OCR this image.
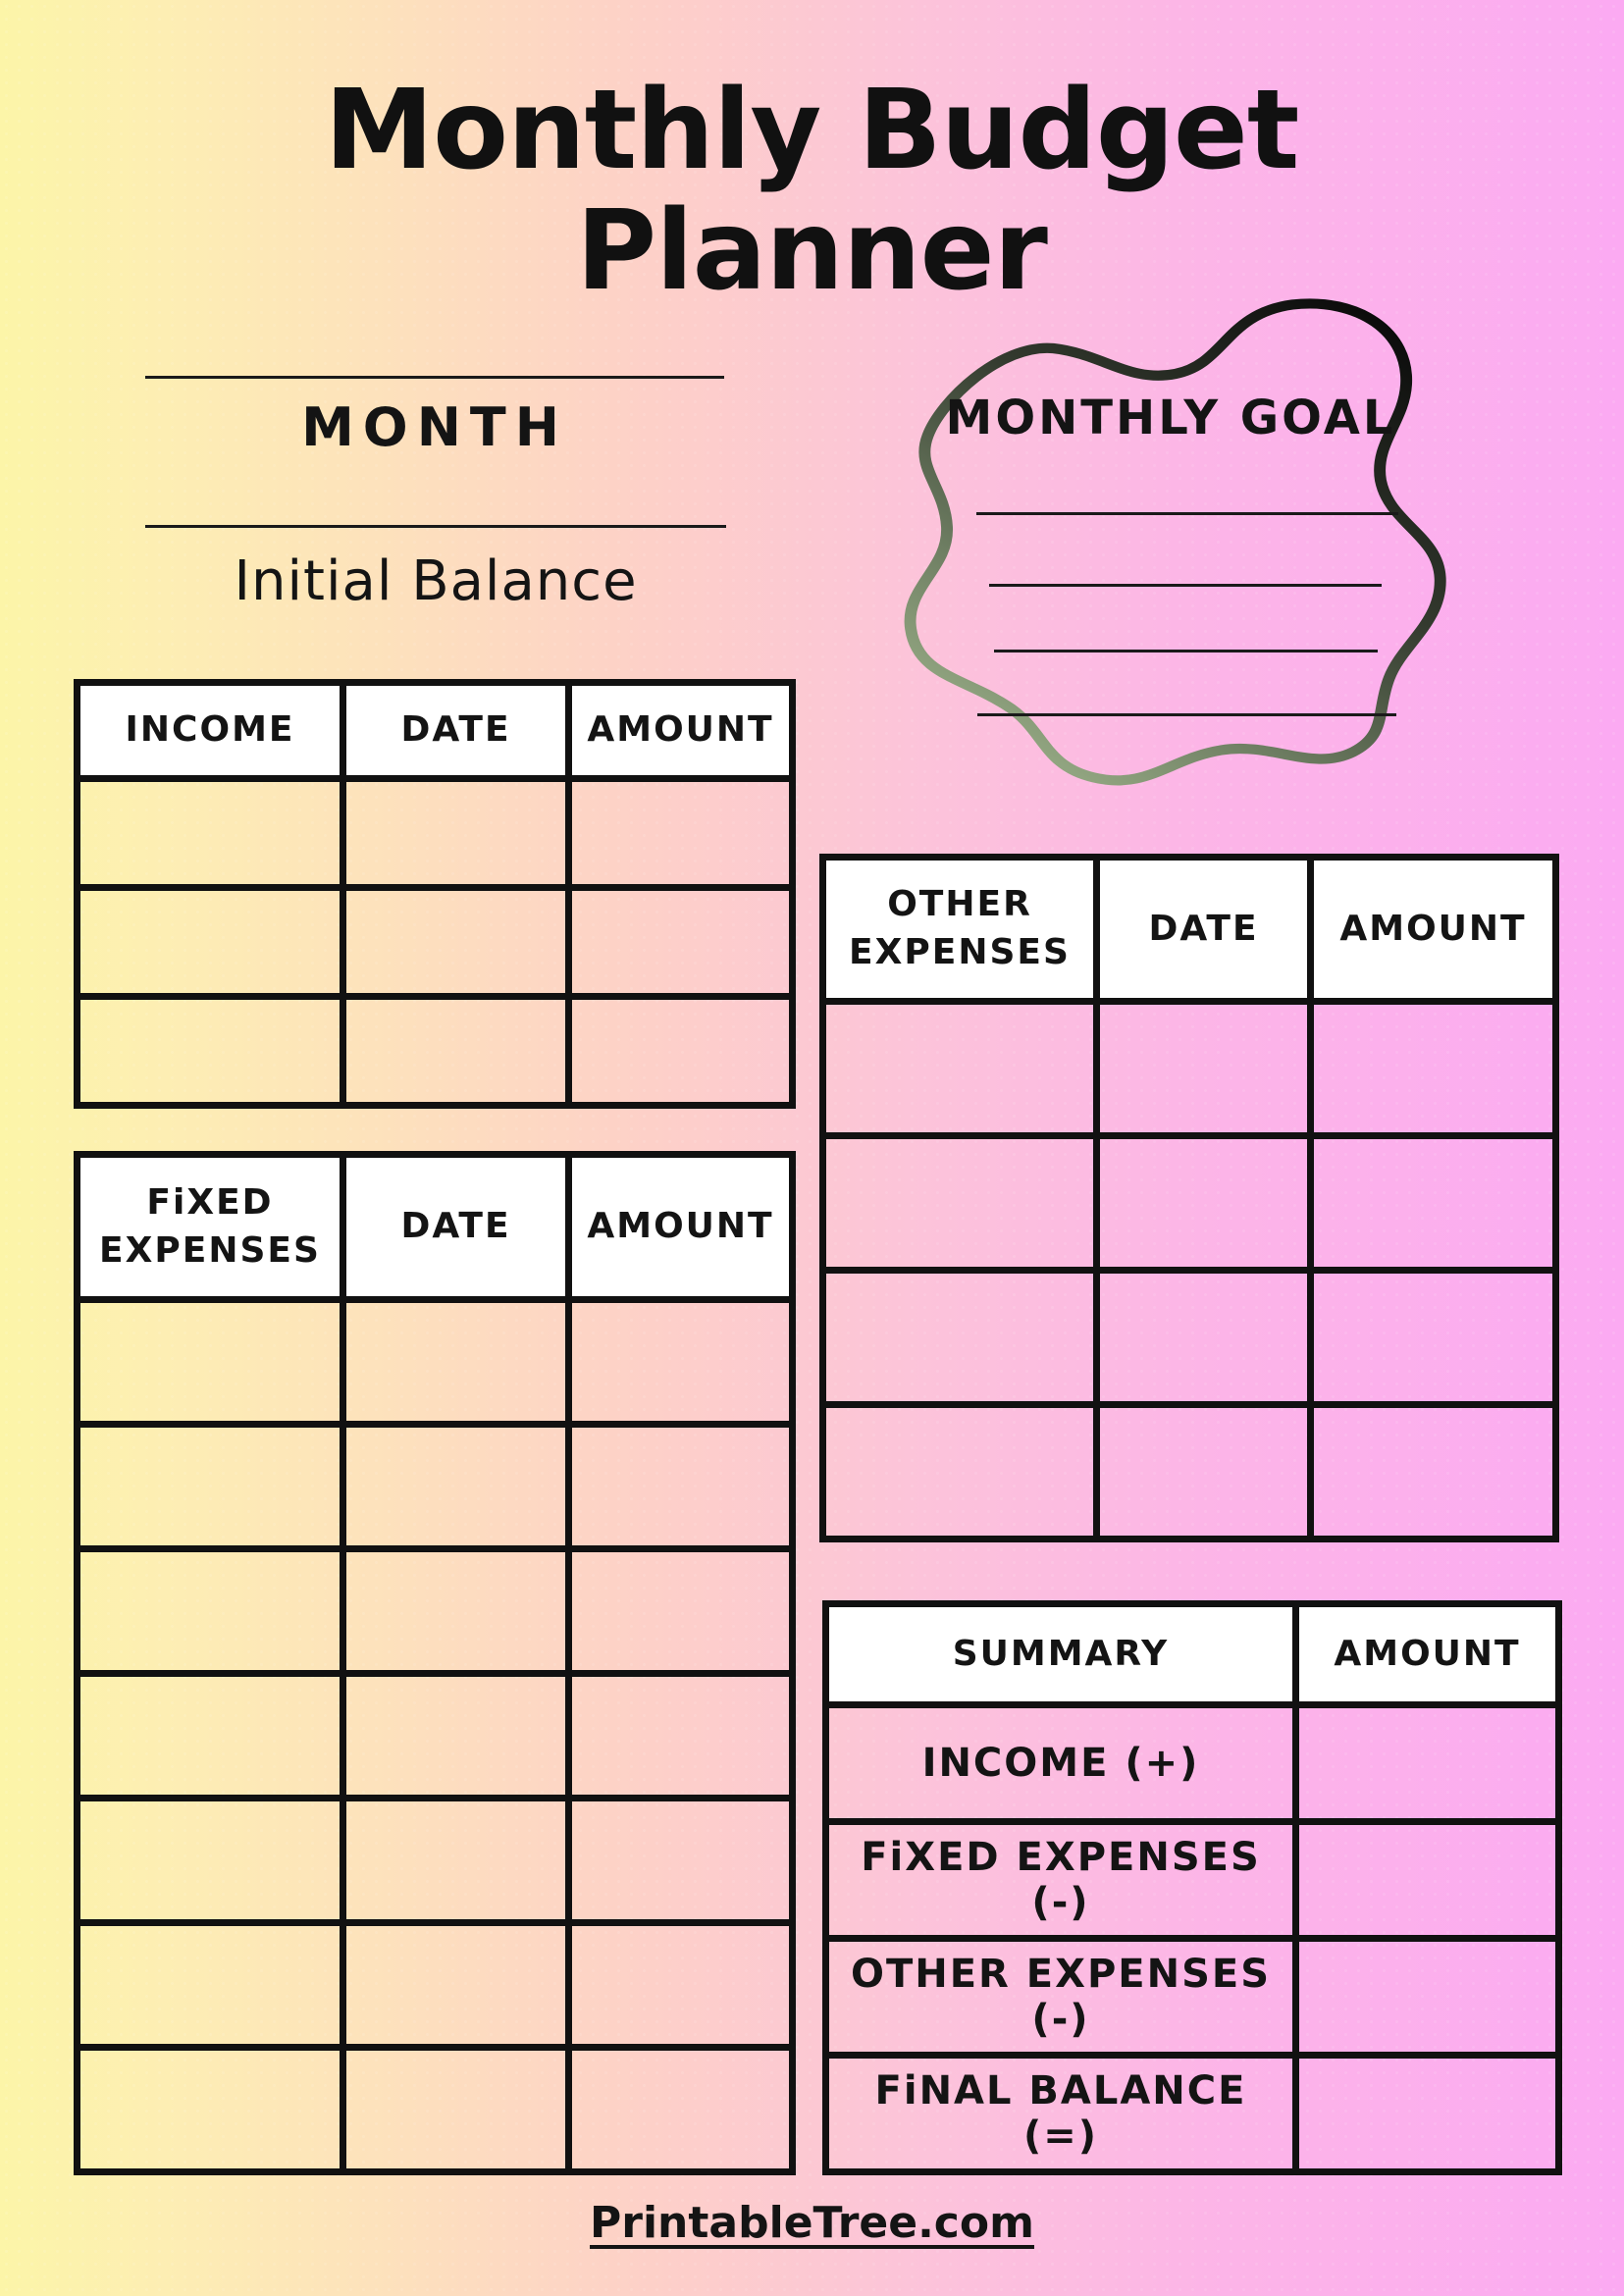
Monthly Budget Planner
MONTH
Initial Balance
MONTHLY GOAL
INCOME	DATE	AMOUNT

FiXED EXPENSES	DATE	AMOUNT

OTHER EXPENSES	DATE	AMOUNT

SUMMARY	AMOUNT
INCOME (+)	
FiXED EXPENSES (-)	
OTHER EXPENSES (-)	
FiNAL BALANCE (=)	
PrintableTree.com
